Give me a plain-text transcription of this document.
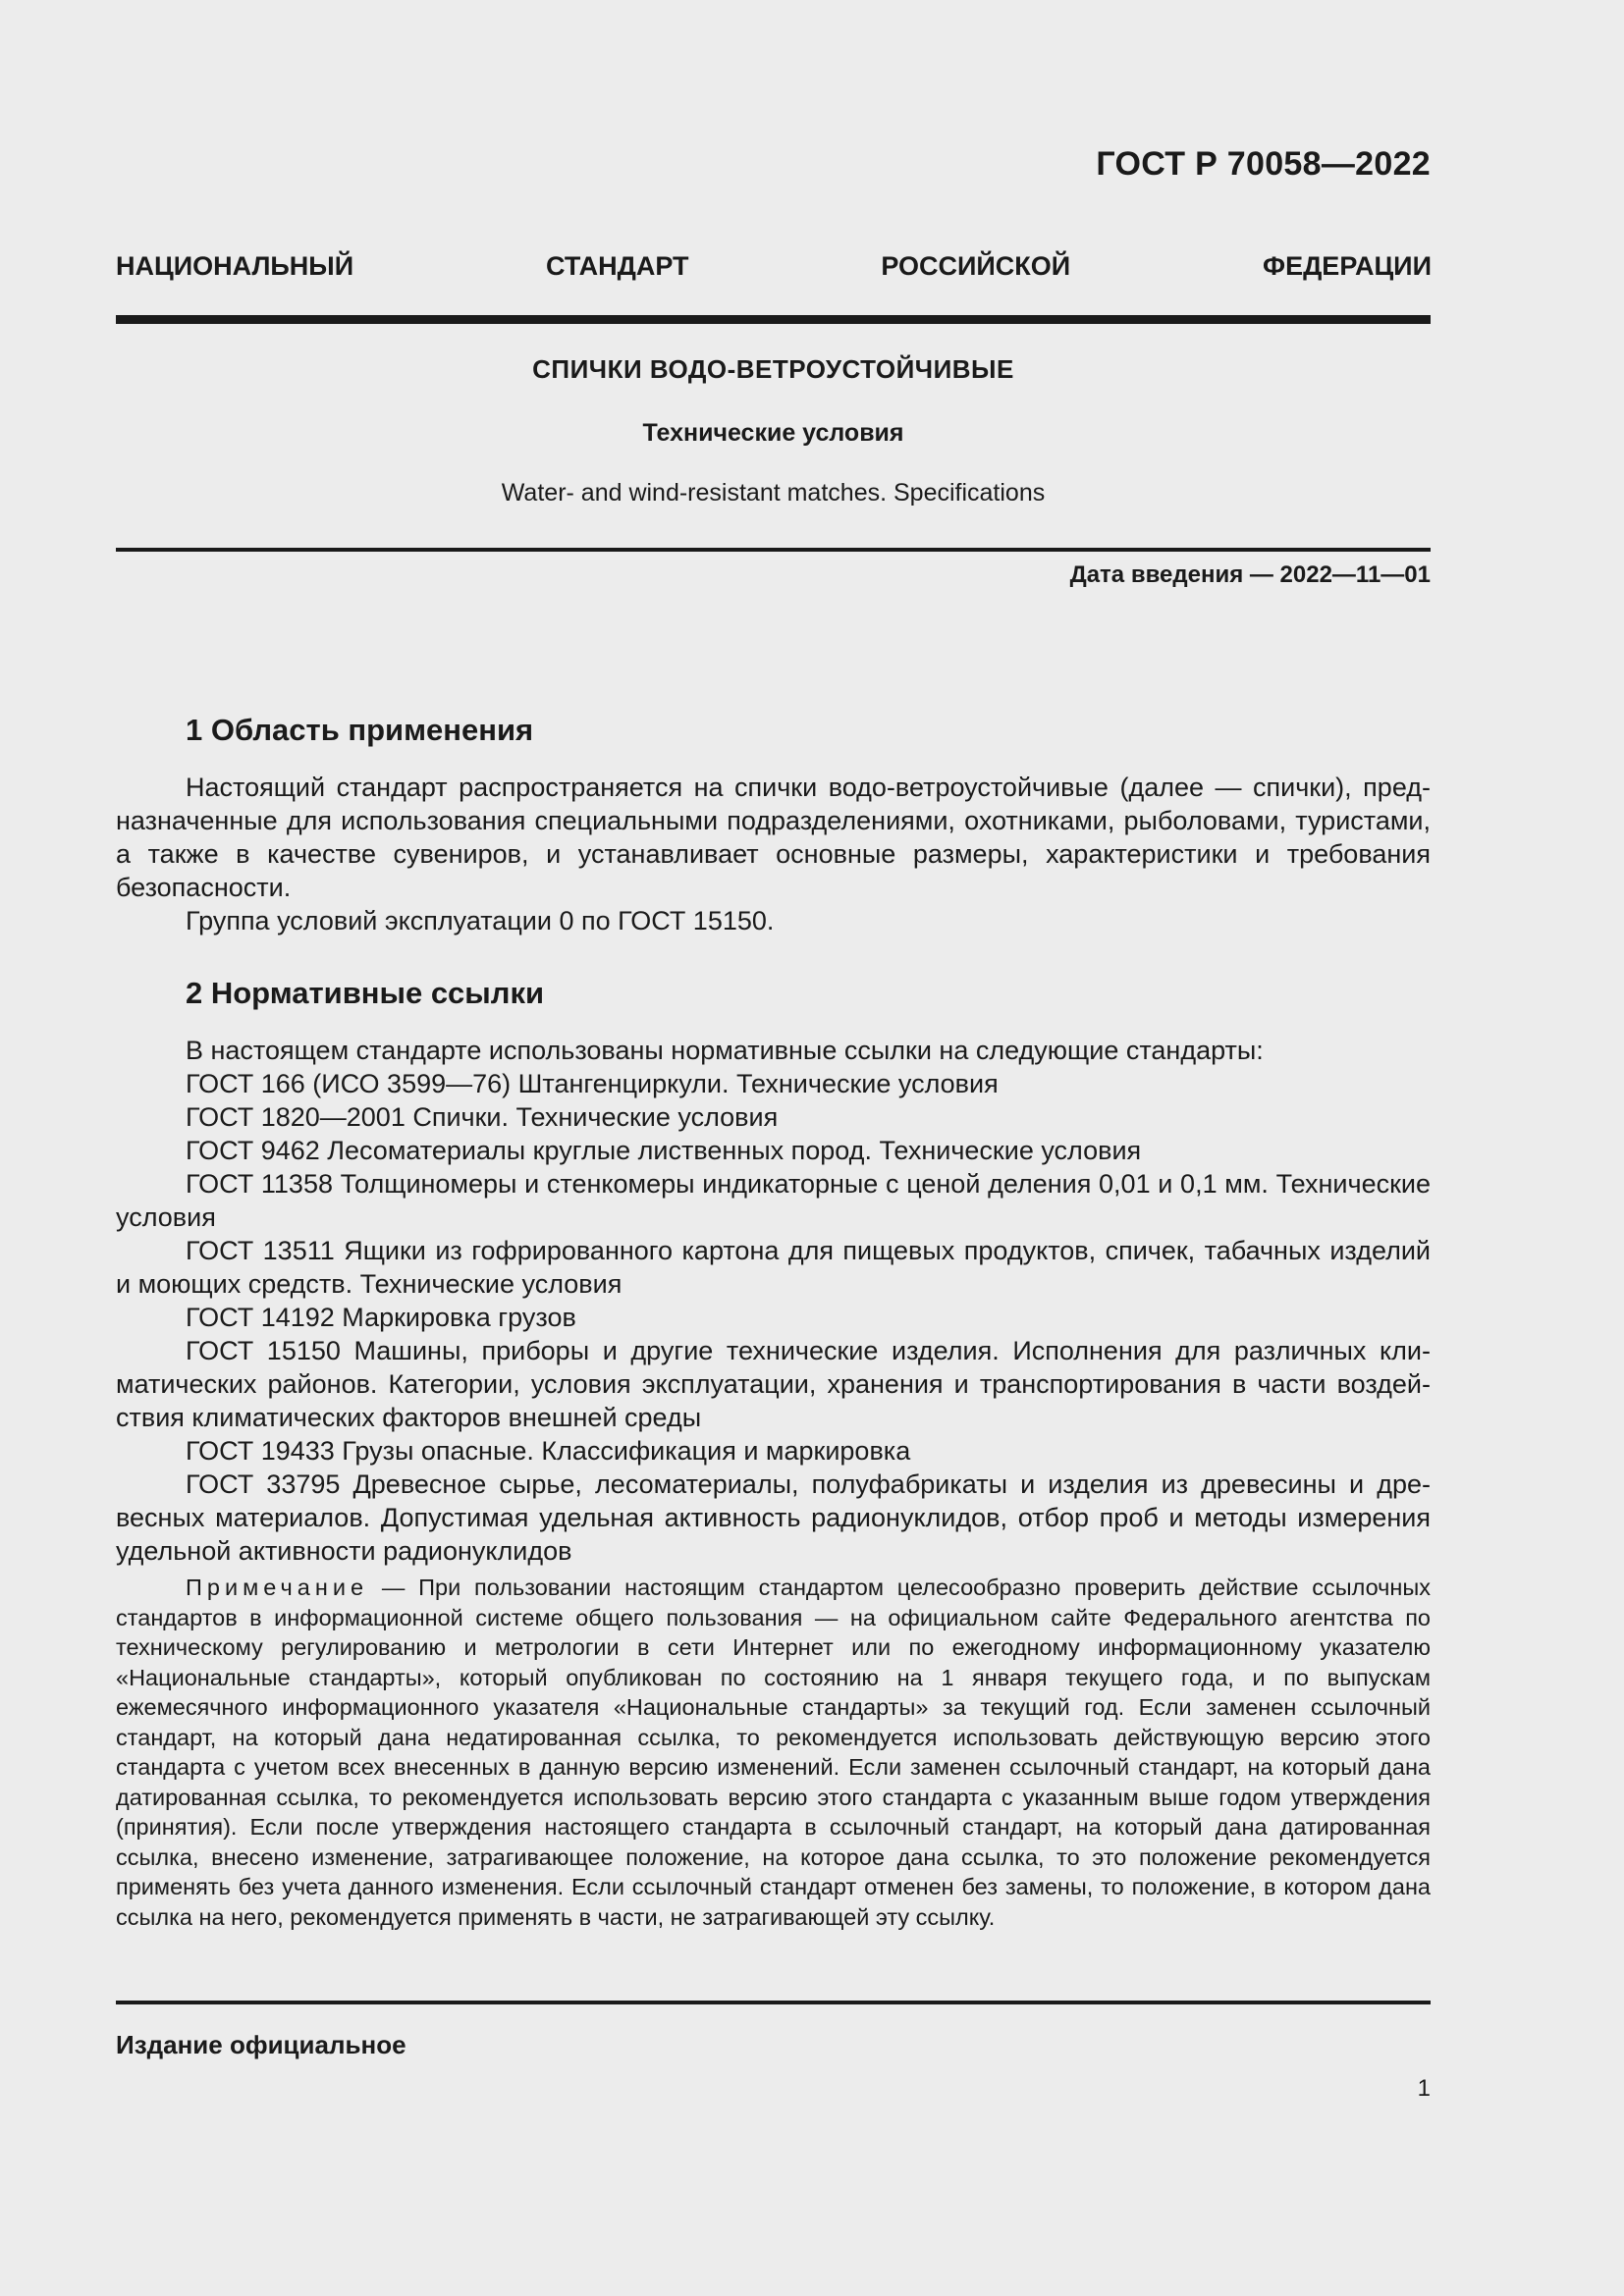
ГОСТ Р 70058—2022
НАЦИОНАЛЬНЫЙ СТАНДАРТ РОССИЙСКОЙ ФЕДЕРАЦИИ
СПИЧКИ ВОДО-ВЕТРОУСТОЙЧИВЫЕ
Технические условия
Water- and wind-resistant matches. Specifications
Дата введения — 2022—11—01
1 Область применения

Настоящий стандарт распространяется на спички водо-ветроустойчивые (далее — спички), предназначенные для использования специальными подразделениями, охотниками, рыболовами, туристами, а также в качестве сувениров, и устанавливает основные размеры, характеристики и требования безопасности.

Группа условий эксплуатации 0 по ГОСТ 15150.

2 Нормативные ссылки

В настоящем стандарте использованы нормативные ссылки на следующие стандарты:

ГОСТ 166 (ИСО 3599—76) Штангенциркули. Технические условия

ГОСТ 1820—2001 Спички. Технические условия

ГОСТ 9462 Лесоматериалы круглые лиственных пород. Технические условия

ГОСТ 11358 Толщиномеры и стенкомеры индикаторные с ценой деления 0,01 и 0,1 мм. Технические условия

ГОСТ 13511 Ящики из гофрированного картона для пищевых продуктов, спичек, табачных изделий и моющих средств. Технические условия

ГОСТ 14192 Маркировка грузов

ГОСТ 15150 Машины, приборы и другие технические изделия. Исполнения для различных климатических районов. Категории, условия эксплуатации, хранения и транспортирования в части воздействия климатических факторов внешней среды

ГОСТ 19433 Грузы опасные. Классификация и маркировка

ГОСТ 33795 Древесное сырье, лесоматериалы, полуфабрикаты и изделия из древесины и древесных материалов. Допустимая удельная активность радионуклидов, отбор проб и методы измерения удельной активности радионуклидов

Примечание — При пользовании настоящим стандартом целесообразно проверить действие ссылочных стандартов в информационной системе общего пользования — на официальном сайте Федерального агентства по техническому регулированию и метрологии в сети Интернет или по ежегодному информационному указателю «Национальные стандарты», который опубликован по состоянию на 1 января текущего года, и по выпускам ежемесячного информационного указателя «Национальные стандарты» за текущий год. Если заменен ссылочный стандарт, на который дана недатированная ссылка, то рекомендуется использовать действующую версию этого стандарта с учетом всех внесенных в данную версию изменений. Если заменен ссылочный стандарт, на который дана датированная ссылка, то рекомендуется использовать версию этого стандарта с указанным выше годом утверждения (принятия). Если после утверждения настоящего стандарта в ссылочный стандарт, на который дана датированная ссылка, внесено изменение, затрагивающее положение, на которое дана ссылка, то это положение рекомендуется применять без учета данного изменения. Если ссылочный стандарт отменен без замены, то положение, в котором дана ссылка на него, рекомендуется применять в части, не затрагивающей эту ссылку.

Издание официальное
1
